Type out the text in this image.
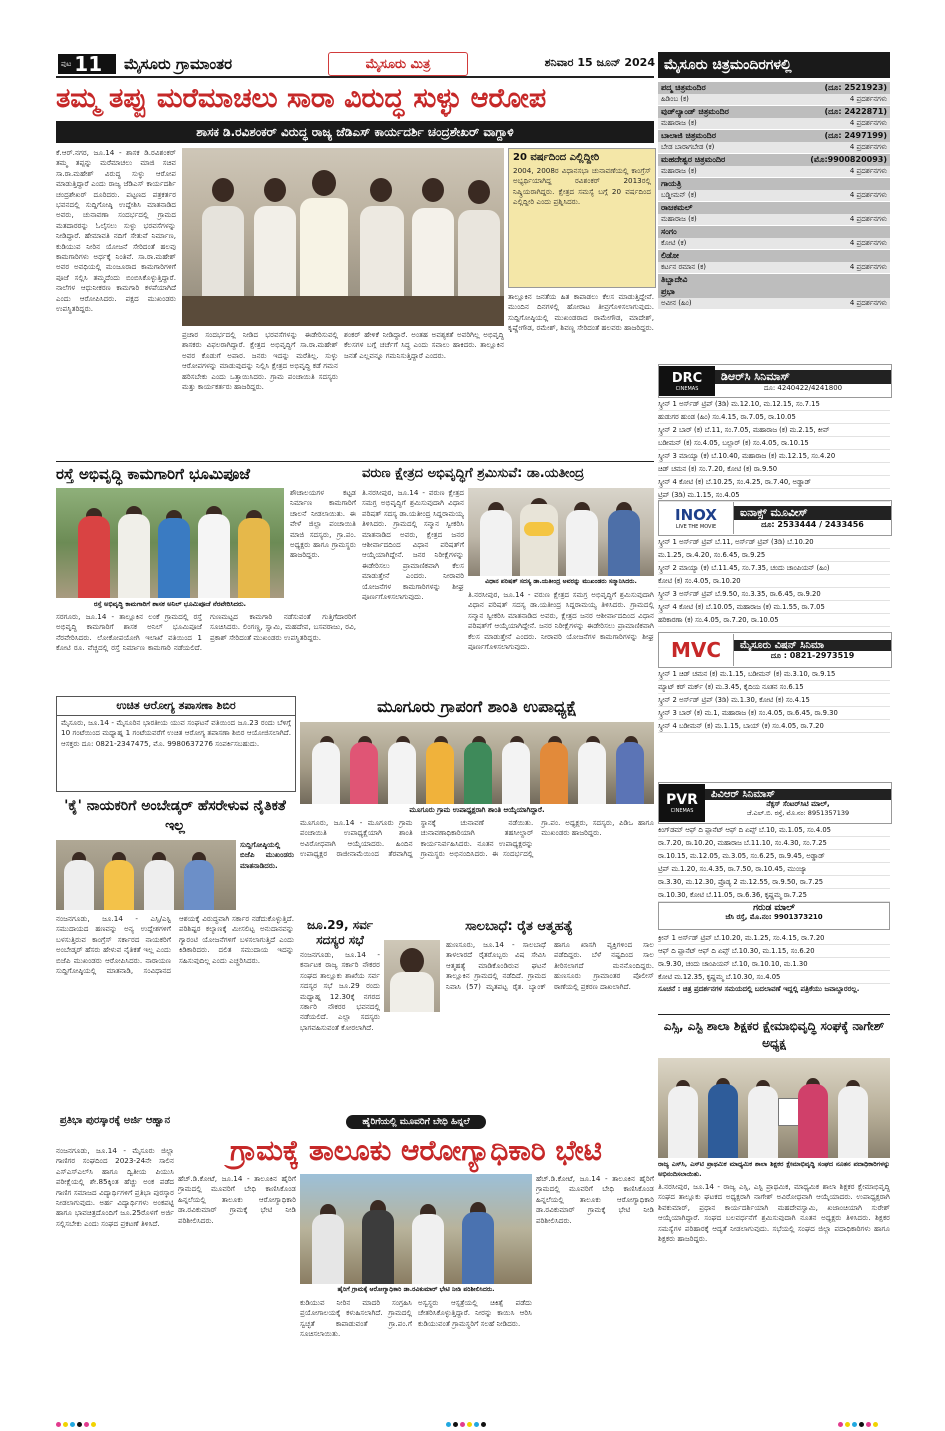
ಪುಟ 11 ಮೈಸೂರು ಗ್ರಾಮಾಂತರ	ಮೈಸೂರು ಮಿತ್ರ	ಶನಿವಾರ 15 ಜೂನ್ 2024
ತಮ್ಮ ತಪ್ಪು ಮರೆಮಾಚಲು ಸಾರಾ ವಿರುದ್ಧ ಸುಳ್ಳು ಆರೋಪ
ಶಾಸಕ ಡಿ.ರವಿಶಂಕರ್ ವಿರುದ್ಧ ರಾಜ್ಯ ಜೆಡಿಎಸ್ ಕಾರ್ಯದರ್ಶಿ ಚಂದ್ರಶೇಖರ್ ವಾಗ್ದಾಳಿ
ಕೆ.ಆರ್.ನಗರ, ಜೂ.14 - ಶಾಸಕ ಡಿ.ರವಿಶಂಕರ್ ತಮ್ಮ ತಪ್ಪನ್ನು ಮರೆಮಾಚಲು ಮಾಜಿ ಸಚಿವ ಸಾ.ರಾ.ಮಹೇಶ್ ವಿರುದ್ಧ ಸುಳ್ಳು ಆರೋಪ ಮಾಡುತ್ತಿದ್ದಾರೆ ಎಂದು ರಾಜ್ಯ ಜೆಡಿಎಸ್ ಕಾರ್ಯದರ್ಶಿ ಚಂದ್ರಶೇಖರ್ ದೂರಿದರು. ಪಟ್ಟಣದ ಪತ್ರಕರ್ತರ ಭವನದಲ್ಲಿ ಸುದ್ದಿಗೋಷ್ಠಿ ಉದ್ದೇಶಿಸಿ ಮಾತನಾಡಿದ ಅವರು, ಚುನಾವಣಾ ಸಂದರ್ಭದಲ್ಲಿ ಗ್ರಾಮದ ಮತದಾರರನ್ನು ಓಲೈಸಲು ಸುಳ್ಳು ಭರವಸೆಗಳನ್ನು ನೀಡಿದ್ದಾರೆ. ಹೇಮಾವತಿ ನದಿಗೆ ಸೇತುವೆ ನಿರ್ಮಾಣ, ಕುಡಿಯುವ ನೀರಿನ ಯೋಜನೆ ಸೇರಿದಂತೆ ಹಲವು ಕಾಮಗಾರಿಗಳು ಅರ್ಧಕ್ಕೆ ನಿಂತಿವೆ. ಸಾ.ರಾ.ಮಹೇಶ್ ಅವರ ಅವಧಿಯಲ್ಲಿ ಮಂಜೂರಾದ ಕಾಮಗಾರಿಗಳಿಗೆ ಪೂಜೆ ಸಲ್ಲಿಸಿ ತಮ್ಮದೆಂದು ಬಿಂಬಿಸಿಕೊಳ್ಳುತ್ತಿದ್ದಾರೆ. ನಾಲೆಗಳ ಆಧುನೀಕರಣ ಕಾಮಗಾರಿ ಕಳಪೆಯಾಗಿದೆ ಎಂದು ಆರೋಪಿಸಿದರು. ಪಕ್ಷದ ಮುಖಂಡರು ಉಪಸ್ಥಿತರಿದ್ದರು.
ಪ್ರಚಾರ ಸಂದರ್ಭದಲ್ಲಿ ನೀಡಿದ ಭರವಸೆಗಳನ್ನು ಈಡೇರಿಸುವಲ್ಲಿ ಶಾಸಕರು ವಿಫಲರಾಗಿದ್ದಾರೆ. ಕ್ಷೇತ್ರದ ಅಭಿವೃದ್ಧಿಗೆ ಸಾ.ರಾ.ಮಹೇಶ್ ಅವರ ಕೊಡುಗೆ ಅಪಾರ. ಜನರು ಇದನ್ನು ಮರೆತಿಲ್ಲ. ಸುಳ್ಳು ಆರೋಪಗಳನ್ನು ಮಾಡುವುದನ್ನು ನಿಲ್ಲಿಸಿ ಕ್ಷೇತ್ರದ ಅಭಿವೃದ್ಧಿ ಕಡೆ ಗಮನ ಹರಿಸಬೇಕು ಎಂದು ಒತ್ತಾಯಿಸಿದರು. ಗ್ರಾಮ ಪಂಚಾಯಿತಿ ಸದಸ್ಯರು ಮತ್ತು ಕಾರ್ಯಕರ್ತರು ಹಾಜರಿದ್ದರು.
ಶಂಕರ್ ಹೇಳಿಕೆ ನೀಡಿದ್ದಾರೆ. ಅಂತಹ ಅವಶ್ಯಕತೆ ಅವರಿಗಿಲ್ಲ ಅಭಿವೃದ್ಧಿ ಕೆಲಸಗಳ ಬಗ್ಗೆ ಚರ್ಚೆಗೆ ಸಿದ್ಧ ಎಂದು ಸವಾಲು ಹಾಕಿದರು. ತಾಲ್ಲೂಕಿನ ಜನತೆ ಎಲ್ಲವನ್ನೂ ಗಮನಿಸುತ್ತಿದ್ದಾರೆ ಎಂದರು.
20 ವರ್ಷದಿಂದ ಎಲ್ಲಿದ್ದೀರಿ
2004, 2008ರ ವಿಧಾನಸಭಾ ಚುನಾವಣೆಯಲ್ಲಿ ಕಾಂಗ್ರೆಸ್ ಅಭ್ಯರ್ಥಿಯಾಗಿದ್ದ ರವಿಶಂಕರ್ 2013ರಲ್ಲಿ ನಿಷ್ಕ್ರಿಯರಾಗಿದ್ದರು. ಕ್ಷೇತ್ರದ ಸಮಸ್ಯೆ ಬಗ್ಗೆ 20 ವರ್ಷದಿಂದ ಎಲ್ಲಿದ್ದೀರಿ ಎಂದು ಪ್ರಶ್ನಿಸಿದರು.
ತಾಲ್ಲೂಕಿನ ಜನತೆಯ ಹಿತ ಕಾಪಾಡಲು ಕೆಲಸ ಮಾಡುತ್ತಿದ್ದೇವೆ. ಮುಂದಿನ ದಿನಗಳಲ್ಲಿ ಹೋರಾಟ ತೀವ್ರಗೊಳಿಸಲಾಗುವುದು. ಸುದ್ದಿಗೋಷ್ಠಿಯಲ್ಲಿ ಮುಖಂಡರಾದ ರಾಮೇಗೌಡ, ಮಾದೇಶ್, ಕೃಷ್ಣೇಗೌಡ, ರಮೇಶ್, ಶಿವಣ್ಣ ಸೇರಿದಂತೆ ಹಲವರು ಹಾಜರಿದ್ದರು.
ರಸ್ತೆ ಅಭಿವೃದ್ಧಿ ಕಾಮಗಾರಿಗೆ ಭೂಮಿಪೂಜೆ
ರಸ್ತೆ ಅಭಿವೃದ್ಧಿ ಕಾಮಗಾರಿಗೆ ಶಾಸಕ ಅನಿಲ್ ಭೂಮಿಪೂಜೆ ನೆರವೇರಿಸಿದರು.
ಶೌಚಾಲಯಗಳ ಕಟ್ಟಡ ನಿರ್ಮಾಣ ಕಾಮಗಾರಿಗೆ ಚಾಲನೆ ನೀಡಲಾಯಿತು. ಈ ವೇಳೆ ಜಿಲ್ಲಾ ಪಂಚಾಯಿತಿ ಮಾಜಿ ಸದಸ್ಯರು, ಗ್ರಾ.ಪಂ. ಅಧ್ಯಕ್ಷರು ಹಾಗೂ ಗ್ರಾಮಸ್ಥರು ಹಾಜರಿದ್ದರು.
ಸರಗೂರು, ಜೂ.14 - ತಾಲ್ಲೂಕಿನ ಲಂಕೆ ಗ್ರಾಮದಲ್ಲಿ ರಸ್ತೆ ಅಭಿವೃದ್ಧಿ ಕಾಮಗಾರಿಗೆ ಶಾಸಕ ಅನಿಲ್ ಭೂಮಿಪೂಜೆ ನೆರವೇರಿಸಿದರು. ಲೋಕೋಪಯೋಗಿ ಇಲಾಖೆ ವತಿಯಿಂದ 1 ಕೋಟಿ ರೂ. ವೆಚ್ಚದಲ್ಲಿ ರಸ್ತೆ ನಿರ್ಮಾಣ ಕಾಮಗಾರಿ ನಡೆಯಲಿದೆ. ಗುಣಮಟ್ಟದ ಕಾಮಗಾರಿ ನಡೆಸುವಂತೆ ಗುತ್ತಿಗೆದಾರರಿಗೆ ಸೂಚಿಸಿದರು. ಲಿಂಗಣ್ಣ, ಸ್ವಾಮಿ, ಮಹದೇವ, ಬಸವರಾಜು, ರವಿ, ಪ್ರಕಾಶ್ ಸೇರಿದಂತೆ ಮುಖಂಡರು ಉಪಸ್ಥಿತರಿದ್ದರು.
ವರುಣ ಕ್ಷೇತ್ರದ ಅಭಿವೃದ್ಧಿಗೆ ಶ್ರಮಿಸುವೆ: ಡಾ.ಯತೀಂದ್ರ
ತಿ.ನರಸೀಪುರ, ಜೂ.14 - ವರುಣ ಕ್ಷೇತ್ರದ ಸಮಗ್ರ ಅಭಿವೃದ್ಧಿಗೆ ಶ್ರಮಿಸುವುದಾಗಿ ವಿಧಾನ ಪರಿಷತ್ ಸದಸ್ಯ ಡಾ.ಯತೀಂದ್ರ ಸಿದ್ದರಾಮಯ್ಯ ತಿಳಿಸಿದರು. ಗ್ರಾಮದಲ್ಲಿ ಸನ್ಮಾನ ಸ್ವೀಕರಿಸಿ ಮಾತನಾಡಿದ ಅವರು, ಕ್ಷೇತ್ರದ ಜನರ ಆಶೀರ್ವಾದದಿಂದ ವಿಧಾನ ಪರಿಷತ್‌ಗೆ ಆಯ್ಕೆಯಾಗಿದ್ದೇನೆ. ಜನರ ನಿರೀಕ್ಷೆಗಳನ್ನು ಈಡೇರಿಸಲು ಪ್ರಾಮಾಣಿಕವಾಗಿ ಕೆಲಸ ಮಾಡುತ್ತೇನೆ ಎಂದರು. ನೀರಾವರಿ ಯೋಜನೆಗಳ ಕಾಮಗಾರಿಗಳನ್ನು ಶೀಘ್ರ ಪೂರ್ಣಗೊಳಿಸಲಾಗುವುದು.
ವಿಧಾನ ಪರಿಷತ್ ಸದಸ್ಯ ಡಾ.ಯತೀಂದ್ರ ಅವರನ್ನು ಮುಖಂಡರು ಸನ್ಮಾನಿಸಿದರು.
ತಿ.ನರಸೀಪುರ, ಜೂ.14 - ವರುಣ ಕ್ಷೇತ್ರದ ಸಮಗ್ರ ಅಭಿವೃದ್ಧಿಗೆ ಶ್ರಮಿಸುವುದಾಗಿ ವಿಧಾನ ಪರಿಷತ್ ಸದಸ್ಯ ಡಾ.ಯತೀಂದ್ರ ಸಿದ್ದರಾಮಯ್ಯ ತಿಳಿಸಿದರು. ಗ್ರಾಮದಲ್ಲಿ ಸನ್ಮಾನ ಸ್ವೀಕರಿಸಿ ಮಾತನಾಡಿದ ಅವರು, ಕ್ಷೇತ್ರದ ಜನರ ಆಶೀರ್ವಾದದಿಂದ ವಿಧಾನ ಪರಿಷತ್‌ಗೆ ಆಯ್ಕೆಯಾಗಿದ್ದೇನೆ. ಜನರ ನಿರೀಕ್ಷೆಗಳನ್ನು ಈಡೇರಿಸಲು ಪ್ರಾಮಾಣಿಕವಾಗಿ ಕೆಲಸ ಮಾಡುತ್ತೇನೆ ಎಂದರು. ನೀರಾವರಿ ಯೋಜನೆಗಳ ಕಾಮಗಾರಿಗಳನ್ನು ಶೀಘ್ರ ಪೂರ್ಣಗೊಳಿಸಲಾಗುವುದು.
ಉಚಿತ ಆರೋಗ್ಯ ತಪಾಸಣಾ ಶಿಬಿರ
ಮೈಸೂರು, ಜೂ.14 - ಮೈಸೂರಿನ ಭಾರತೀಯ ಯುವ ಸಂಘಟನೆ ವತಿಯಿಂದ ಜೂ.23 ರಂದು ಬೆಳಿಗ್ಗೆ 10 ಗಂಟೆಯಿಂದ ಮಧ್ಯಾಹ್ನ 1 ಗಂಟೆಯವರೆಗೆ ಉಚಿತ ಆರೋಗ್ಯ ತಪಾಸಣಾ ಶಿಬಿರ ಆಯೋಜಿಸಲಾಗಿದೆ. ಆಸಕ್ತರು ದೂ: 0821-2347475, ಮೊ. 9980637276 ಸಂಪರ್ಕಿಸಬಹುದು.
ಮೂಗೂರು ಗ್ರಾಪಂಗೆ ಶಾಂತಿ ಉಪಾಧ್ಯಕ್ಷೆ
ಮೂಗೂರು ಗ್ರಾಮ ಉಪಾಧ್ಯಕ್ಷರಾಗಿ ಶಾಂತಿ ಆಯ್ಕೆಯಾಗಿದ್ದಾರೆ.
ಮೂಗೂರು, ಜೂ.14 - ಮೂಗೂರು ಗ್ರಾಮ ಪಂಚಾಯಿತಿ ಉಪಾಧ್ಯಕ್ಷೆಯಾಗಿ ಶಾಂತಿ ಅವಿರೋಧವಾಗಿ ಆಯ್ಕೆಯಾದರು. ಹಿಂದಿನ ಉಪಾಧ್ಯಕ್ಷರ ರಾಜೀನಾಮೆಯಿಂದ ತೆರವಾಗಿದ್ದ ಸ್ಥಾನಕ್ಕೆ ಚುನಾವಣೆ ನಡೆಯಿತು. ಚುನಾವಣಾಧಿಕಾರಿಯಾಗಿ ತಹಸೀಲ್ದಾರ್ ಕಾರ್ಯನಿರ್ವಹಿಸಿದರು. ನೂತನ ಉಪಾಧ್ಯಕ್ಷರನ್ನು ಗ್ರಾಮಸ್ಥರು ಅಭಿನಂದಿಸಿದರು. ಈ ಸಂದರ್ಭದಲ್ಲಿ ಗ್ರಾ.ಪಂ. ಅಧ್ಯಕ್ಷರು, ಸದಸ್ಯರು, ಪಿಡಿಒ ಹಾಗೂ ಮುಖಂಡರು ಹಾಜರಿದ್ದರು.
'ಕೈ' ನಾಯಕರಿಗೆ ಅಂಬೇಡ್ಕರ್ ಹೆಸರೇಳುವ ನೈತಿಕತೆ ಇಲ್ಲ
ಸುದ್ದಿಗೋಷ್ಠಿಯಲ್ಲಿ ಬಿಜೆಪಿ ಮುಖಂಡರು ಮಾತನಾಡಿದರು.
ನಂಜನಗೂಡು, ಜೂ.14 - ಎಸ್ಸಿ/ಎಸ್ಟಿ ಸಮುದಾಯದ ಹಣವನ್ನು ಅನ್ಯ ಉದ್ದೇಶಗಳಿಗೆ ಬಳಸುತ್ತಿರುವ ಕಾಂಗ್ರೆಸ್ ಸರ್ಕಾರದ ನಾಯಕರಿಗೆ ಅಂಬೇಡ್ಕರ್ ಹೆಸರು ಹೇಳುವ ನೈತಿಕತೆ ಇಲ್ಲ ಎಂದು ಬಿಜೆಪಿ ಮುಖಂಡರು ಆರೋಪಿಸಿದರು. ನಾರಾಯಣ ಸುದ್ದಿಗೋಷ್ಠಿಯಲ್ಲಿ ಮಾತನಾಡಿ, ಸಂವಿಧಾನದ ಆಶಯಕ್ಕೆ ವಿರುದ್ಧವಾಗಿ ಸರ್ಕಾರ ನಡೆದುಕೊಳ್ಳುತ್ತಿದೆ. ಪರಿಶಿಷ್ಟರ ಕಲ್ಯಾಣಕ್ಕೆ ಮೀಸಲಿಟ್ಟ ಅನುದಾನವನ್ನು ಗ್ಯಾರಂಟಿ ಯೋಜನೆಗಳಿಗೆ ಬಳಸಲಾಗುತ್ತಿದೆ ಎಂದು ಕಿಡಿಕಾರಿದರು. ದಲಿತ ಸಮುದಾಯ ಇದನ್ನು ಸಹಿಸುವುದಿಲ್ಲ ಎಂದು ಎಚ್ಚರಿಸಿದರು.
ಜೂ.29, ಸರ್ವ ಸದಸ್ಯರ ಸಭೆ
ನಂಜನಗೂಡು, ಜೂ.14 - ಕರ್ನಾಟಕ ರಾಜ್ಯ ಸರ್ಕಾರಿ ನೌಕರರ ಸಂಘದ ತಾಲ್ಲೂಕು ಶಾಖೆಯ ಸರ್ವ ಸದಸ್ಯರ ಸಭೆ ಜೂ.29 ರಂದು ಮಧ್ಯಾಹ್ನ 12.30ಕ್ಕೆ ನಗರದ ಸರ್ಕಾರಿ ನೌಕರರ ಭವನದಲ್ಲಿ ನಡೆಯಲಿದೆ. ಎಲ್ಲಾ ಸದಸ್ಯರು ಭಾಗವಹಿಸುವಂತೆ ಕೋರಲಾಗಿದೆ.
ಸಾಲಬಾಧೆ: ರೈತ ಆತ್ಮಹತ್ಯೆ
ಹುಣಸೂರು, ಜೂ.14 - ಸಾಲಬಾಧೆ ತಾಳಲಾರದೆ ರೈತರೊಬ್ಬರು ವಿಷ ಸೇವಿಸಿ ಆತ್ಮಹತ್ಯೆ ಮಾಡಿಕೊಂಡಿರುವ ಘಟನೆ ತಾಲ್ಲೂಕಿನ ಗ್ರಾಮದಲ್ಲಿ ನಡೆದಿದೆ. ಗ್ರಾಮದ ನಿವಾಸಿ (57) ಮೃತಪಟ್ಟ ರೈತ. ಬ್ಯಾಂಕ್ ಹಾಗೂ ಖಾಸಗಿ ವ್ಯಕ್ತಿಗಳಿಂದ ಸಾಲ ಪಡೆದಿದ್ದರು. ಬೆಳೆ ನಷ್ಟದಿಂದ ಸಾಲ ತೀರಿಸಲಾಗದೆ ಮನನೊಂದಿದ್ದರು. ಹುಣಸೂರು ಗ್ರಾಮಾಂತರ ಪೊಲೀಸ್ ಠಾಣೆಯಲ್ಲಿ ಪ್ರಕರಣ ದಾಖಲಾಗಿದೆ.
ಪ್ರತಿಭಾ ಪುರಸ್ಕಾರಕ್ಕೆ ಅರ್ಜಿ ಆಹ್ವಾನ
ನಂಜನಗೂಡು, ಜೂ.14 - ಮೈಸೂರು ಜಿಲ್ಲಾ ಗಾಣಿಗರ ಸಂಘದಿಂದ 2023-24ನೇ ಸಾಲಿನ ಎಸ್‌ಎಸ್‌ಎಲ್‌ಸಿ ಹಾಗೂ ದ್ವಿತೀಯ ಪಿಯುಸಿ ಪರೀಕ್ಷೆಯಲ್ಲಿ ಶೇ.85ಕ್ಕಿಂತ ಹೆಚ್ಚು ಅಂಕ ಪಡೆದ ಗಾಣಿಗ ಸಮಾಜದ ವಿದ್ಯಾರ್ಥಿಗಳಿಗೆ ಪ್ರತಿಭಾ ಪುರಸ್ಕಾರ ನೀಡಲಾಗುವುದು. ಅರ್ಹ ವಿದ್ಯಾರ್ಥಿಗಳು ಅಂಕಪಟ್ಟಿ ಹಾಗೂ ಭಾವಚಿತ್ರದೊಂದಿಗೆ ಜೂ.25ರೊಳಗೆ ಅರ್ಜಿ ಸಲ್ಲಿಸಬೇಕು ಎಂದು ಸಂಘದ ಪ್ರಕಟಣೆ ತಿಳಿಸಿದೆ.
ಹೈರಿಗೆಯಲ್ಲಿ ಮೂವರಿಗೆ ಬೇಧಿ ಹಿನ್ನಲೆ
ಗ್ರಾಮಕ್ಕೆ ತಾಲೂಕು ಆರೋಗ್ಯಾಧಿಕಾರಿ ಭೇಟಿ
ಹೆಚ್.ಡಿ.ಕೋಟೆ, ಜೂ.14 - ತಾಲೂಕಿನ ಹೈರಿಗೆ ಗ್ರಾಮದಲ್ಲಿ ಮೂವರಿಗೆ ಬೇಧಿ ಕಾಣಿಸಿಕೊಂಡ ಹಿನ್ನಲೆಯಲ್ಲಿ ತಾಲೂಕು ಆರೋಗ್ಯಾಧಿಕಾರಿ ಡಾ.ರವಿಕುಮಾರ್ ಗ್ರಾಮಕ್ಕೆ ಭೇಟಿ ನೀಡಿ ಪರಿಶೀಲಿಸಿದರು.
ಹೈರಿಗೆ ಗ್ರಾಮಕ್ಕೆ ಆರೋಗ್ಯಾಧಿಕಾರಿ ಡಾ.ರವಿಕುಮಾರ್ ಭೇಟಿ ನೀಡಿ ಪರಿಶೀಲಿಸಿದರು.
ಕುಡಿಯುವ ನೀರಿನ ಮಾದರಿ ಸಂಗ್ರಹಿಸಿ ಪ್ರಯೋಗಾಲಯಕ್ಕೆ ಕಳುಹಿಸಲಾಗಿದೆ. ಗ್ರಾಮದಲ್ಲಿ ಸ್ವಚ್ಛತೆ ಕಾಪಾಡುವಂತೆ ಗ್ರಾ.ಪಂ.ಗೆ ಸೂಚಿಸಲಾಯಿತು.
ಅಸ್ವಸ್ಥರು ಆಸ್ಪತ್ರೆಯಲ್ಲಿ ಚಿಕಿತ್ಸೆ ಪಡೆದು ಚೇತರಿಸಿಕೊಳ್ಳುತ್ತಿದ್ದಾರೆ. ನೀರನ್ನು ಕಾಯಿಸಿ ಆರಿಸಿ ಕುಡಿಯುವಂತೆ ಗ್ರಾಮಸ್ಥರಿಗೆ ಸಲಹೆ ನೀಡಿದರು.
ಹೆಚ್.ಡಿ.ಕೋಟೆ, ಜೂ.14 - ತಾಲೂಕಿನ ಹೈರಿಗೆ ಗ್ರಾಮದಲ್ಲಿ ಮೂವರಿಗೆ ಬೇಧಿ ಕಾಣಿಸಿಕೊಂಡ ಹಿನ್ನಲೆಯಲ್ಲಿ ತಾಲೂಕು ಆರೋಗ್ಯಾಧಿಕಾರಿ ಡಾ.ರವಿಕುಮಾರ್ ಗ್ರಾಮಕ್ಕೆ ಭೇಟಿ ನೀಡಿ ಪರಿಶೀಲಿಸಿದರು.
ಮೈಸೂರು ಚಿತ್ರಮಂದಿರಗಳಲ್ಲಿ
ಪದ್ಮ ಚಿತ್ರಮಂದಿರ	(ದೂ: 2521923)
ಹಿಡಿಂಬ (ಕ)	4 ಪ್ರದರ್ಶನಗಳು
ವುಡ್‌ಲ್ಯಾಂಡ್ ಚಿತ್ರಮಂದಿರ	(ದೂ: 2422871)
ಮಹಾರಾಜ (ಕ)	4 ಪ್ರದರ್ಶನಗಳು
ಬಾಲಾಜಿ ಚಿತ್ರಮಂದಿರ	(ದೂ: 2497199)
ಬೇಡ ಬಾರಾಗಬೇಡ (ಕ)	4 ಪ್ರದರ್ಶನಗಳು
ಮಹದೇಶ್ವರ ಚಿತ್ರಮಂದಿರ	(ಮೊ:9900820093)
ಮಹಾರಾಜ (ಕ)	4 ಪ್ರದರ್ಶನಗಳು
ಗಾಯತ್ರಿ
ಬಡ್ಡೀಮನ್ (ಕ)	4 ಪ್ರದರ್ಶನಗಳು
ರಾಜಕಮಲ್
ಮಹಾರಾಜ (ಕ)	4 ಪ್ರದರ್ಶನಗಳು
ಸಂಗಂ
ಕೋಟಿ (ಕ)	4 ಪ್ರದರ್ಶನಗಳು
ಲಿಡೋ
ಕರ್ಟನ ರಮಾನ (ಕ)	4 ಪ್ರದರ್ಶನಗಳು
ತಿಬ್ಬಾದೇವಿ
ಪ್ರಭಾ
ಅವೀನ (ಹಿಂ)	4 ಪ್ರದರ್ಶನಗಳು
DRC
CINEMAS
ಡಿಆರ್‌ಸಿ ಸಿನಿಮಾಸ್
ದೂ: 4240422/4241800
ಸ್ಕ್ರೀನ್ 1 ಅರ್ಸ್‌ಡ್ ಟ್ರಿಪ್ (3ಡಿ) ಮ.12.10, ಮ.12.15, ಸಂ.7.15
ಹುಡುಗರ ಹುಂಡ (ಹಿಂ) ಸಂ.4.15, ರಾ.7.05, ರಾ.10.05
ಸ್ಕ್ರೀನ್ 2 ಬಾರ್ (ಕ) ಬೆ.11, ಸಂ.7.05, ಮಹಾರಾಜ (ಕ) ಮ.2.15, ಕೀವ್
ಬಡೀಮನ್ (ಕ) ಸಂ.4.05, ಬಲ್ಲಾರ್ (ಕ) ಸಂ.4.05, ರಾ.10.15
ಸ್ಕ್ರೀನ್ 3 ಮಾಯ್ಯಾ (ಕ) ಬೆ.10.40, ಮಹಾರಾಜ (ಕ) ಮ.12.15, ಸಂ.4.20
ಚಿಡ್ ಚಮನ (ಕ) ಸಂ.7.20, ಕೋಟಿ (ಕ) ರಾ.9.50
ಸ್ಕ್ರೀನ್ 4 ಕೋಟಿ (ಕ) ಬೆ.10.25, ಸಂ.4.25, ರಾ.7.40, ಅಡ್ಡಾಡ್
ಟ್ರಿಪ್ (3ಡಿ) ಮ.1.15, ಸಂ.4.05
INOX
LIVE THE MOVIE
ಐನಾಕ್ಸ್ ಮೂವೀಸ್
ದೂ: 2533444 / 2433456
ಸ್ಕ್ರೀನ್ 1 ಅರ್ಸ್‌ಡ್ ಟ್ರಿಪ್ ಬೆ.11, ಅರ್ಸ್‌ಡ್ ಟ್ರಿಪ್ (3ಡಿ) ಬೆ.10.20
ಮ.1.25, ರಾ.4.20, ಸಂ.6.45, ರಾ.9.25
ಸ್ಕ್ರೀನ್ 2 ಮಾಯ್ಯಾ (ಕ) ಬೆ.11.45, ಸಂ.7.35, ಚಂದು ಚಾಂಪಿಯನ್ (ಹಿಂ)
ಕೋಟಿ (ಕ) ಸಂ.4.05, ರಾ.10.20
ಸ್ಕ್ರೀನ್ 3 ಅರ್ಸ್‌ಡ್ ಟ್ರಿಪ್ ಬೆ.9.50, ಸಂ.3.35, ರಾ.6.45, ರಾ.9.20
ಸ್ಕ್ರೀನ್ 4 ಕೋಟಿ (ಕ) ಬೆ.10.05, ಮಹಾರಾಜ (ಕ) ಮ.1.55, ರಾ.7.05
ಹರಿಕಾರಣಾ (ಕ) ಸಂ.4.05, ರಾ.7.20, ರಾ.10.05
MVC	ಮೈಸೂರು ವಿಷನ್ ಸಿನಿಮಾ
ದೂ : 0821-2973519
ಸ್ಕ್ರೀನ್ 1 ಚಿಡ್ ಚಮನ (ಕ) ಮ.1.15, ಬಡೀಮನ್ (ಕ) ಮ.3.10, ರಾ.9.15
ಮ್ಯಾಟ್ ಕರ್ ಮರ್ಕ್ (ಕ) ಮ.3.45, ಕೈದಿಯ ನೂತನ ಸಂ.6.15
ಸ್ಕ್ರೀನ್ 2 ಅರ್ಸ್‌ಡ್ ಟ್ರಿಪ್ (3ಡಿ) ಮ.1.30, ಕೋಟಿ (ಕ) ಸಂ.4.15
ಸ್ಕ್ರೀನ್ 3 ಬಾರ್ (ಕ) ಮ.1, ಮಹಾರಾಜ (ಕ) ಸಂ.4.05, ರಾ.6.45, ರಾ.9.30
ಸ್ಕ್ರೀನ್ 4 ಬಡೀಮನ್ (ಕ) ಮ.1.15, ಬಾಯ್ (ಕ) ಸಂ.4.05, ರಾ.7.20
PVR
CINEMAS
ಪಿವಿಆರ್ ಸಿನಿಮಾಸ್
ನೆಕ್ಸಸ್ ಸೆಂಟರ್‌ಸಿಟಿ ಮಾಲ್,
ಜೆ.ಎಲ್.ಬಿ. ರಸ್ತೆ, ಮೊ.ನಂ: 8951357139
ಕಿಂಗ್‌ಡಮ್ ಆಫ್ ದಿ ಪ್ಲಾನೆಟ್ ಆಫ್ ದಿ ಏಪ್ಸ್ ಬೆ.10, ಮ.1.05, ಸಂ.4.05
ರಾ.7.20, ರಾ.10.20, ಮಹಾರಾಜ ಬೆ.11.10, ಸಂ.4.30, ಸಂ.7.25
ರಾ.10.15, ಮ.12.05, ಮ.3.05, ಸಂ.6.25, ರಾ.9.45, ಅಡ್ಡಾಡ್
ಟ್ರಿಪ್ ಮ.1.20, ಸಂ.4.35, ರಾ.7.50, ರಾ.10.45, ಮುಂಜ್ಯಾ
ರಾ.3.30, ಮ.12.30, ಪ್ರೊಡ್ಯ 2 ಮ.12.55, ರಾ.9.50, ರಾ.7.25
ರಾ.10.30, ಕೋಟಿ ಬೆ.11.05, ರಾ.6.36, ಕೃಷ್ಣಮ್ಮ ರಾ.7.25
ಗರುಡ ಮಾಲ್
ಜೆಸಿ ರಸ್ತೆ, ಮೊ.ನಂ: 9901373210
ಕ್ರೀನ್ 1 ಅರ್ಸ್‌ಡ್ ಟ್ರಿಪ್ ಬೆ.10.20, ಮ.1.25, ಸಂ.4.15, ರಾ.7.20
ಆಫ್ ದಿ ಪ್ಲಾನೆಟ್ ಆಫ್ ದಿ ಏಪ್ಸ್ ಬೆ.10.30, ಮ.1.15, ಸಂ.6.20
ರಾ.9.30, ಚಂದು ಚಾಂಪಿಯನ್ ಬೆ.10, ರಾ.10.10, ಮ.1.30
ಕೋಟಿ ಮ.12.35, ಕೃಷ್ಣಮ್ಮ ಬೆ.10.30, ಸಂ.4.05
ಸೂಚನೆ : ಚಿತ್ರ ಪ್ರದರ್ಶನಗಳ ಸಮಯದಲ್ಲಿ ಬದಲಾವಣೆ ಇದ್ದಲ್ಲಿ ಪತ್ರಿಕೆಯು ಜವಾಬ್ದಾರರಲ್ಲ.
ಎಸ್ಸಿ, ಎಸ್ಟಿ ಶಾಲಾ ಶಿಕ್ಷಕರ ಕ್ಷೇಮಾಭಿವೃದ್ಧಿ ಸಂಘಕ್ಕೆ ನಾಗೇಶ್ ಅಧ್ಯಕ್ಷ
ರಾಜ್ಯ ಎಸ್‌ಸಿ, ಎಸ್‌ಟಿ ಪ್ರಾಥಮಿಕ ಮಾಧ್ಯಮಿಕ ಶಾಲಾ ಶಿಕ್ಷಕರ ಕ್ಷೇಮಾಭಿವೃದ್ಧಿ ಸಂಘದ ನೂತನ ಪದಾಧಿಕಾರಿಗಳನ್ನು ಅಭಿನಂದಿಸಲಾಯಿತು.
ತಿ.ನರಸೀಪುರ, ಜೂ.14 - ರಾಜ್ಯ ಎಸ್ಸಿ, ಎಸ್ಟಿ ಪ್ರಾಥಮಿಕ, ಮಾಧ್ಯಮಿಕ ಶಾಲಾ ಶಿಕ್ಷಕರ ಕ್ಷೇಮಾಭಿವೃದ್ಧಿ ಸಂಘದ ತಾಲ್ಲೂಕು ಘಟಕದ ಅಧ್ಯಕ್ಷರಾಗಿ ನಾಗೇಶ್ ಅವಿರೋಧವಾಗಿ ಆಯ್ಕೆಯಾದರು. ಉಪಾಧ್ಯಕ್ಷರಾಗಿ ಶಿವಕುಮಾರ್, ಪ್ರಧಾನ ಕಾರ್ಯದರ್ಶಿಯಾಗಿ ಮಹದೇವಸ್ವಾಮಿ, ಖಜಾಂಚಿಯಾಗಿ ಸುರೇಶ್ ಆಯ್ಕೆಯಾಗಿದ್ದಾರೆ. ಸಂಘದ ಬಲವರ್ಧನೆಗೆ ಶ್ರಮಿಸುವುದಾಗಿ ನೂತನ ಅಧ್ಯಕ್ಷರು ತಿಳಿಸಿದರು. ಶಿಕ್ಷಕರ ಸಮಸ್ಯೆಗಳ ಪರಿಹಾರಕ್ಕೆ ಆದ್ಯತೆ ನೀಡಲಾಗುವುದು. ಸಭೆಯಲ್ಲಿ ಸಂಘದ ಜಿಲ್ಲಾ ಪದಾಧಿಕಾರಿಗಳು ಹಾಗೂ ಶಿಕ್ಷಕರು ಹಾಜರಿದ್ದರು.
